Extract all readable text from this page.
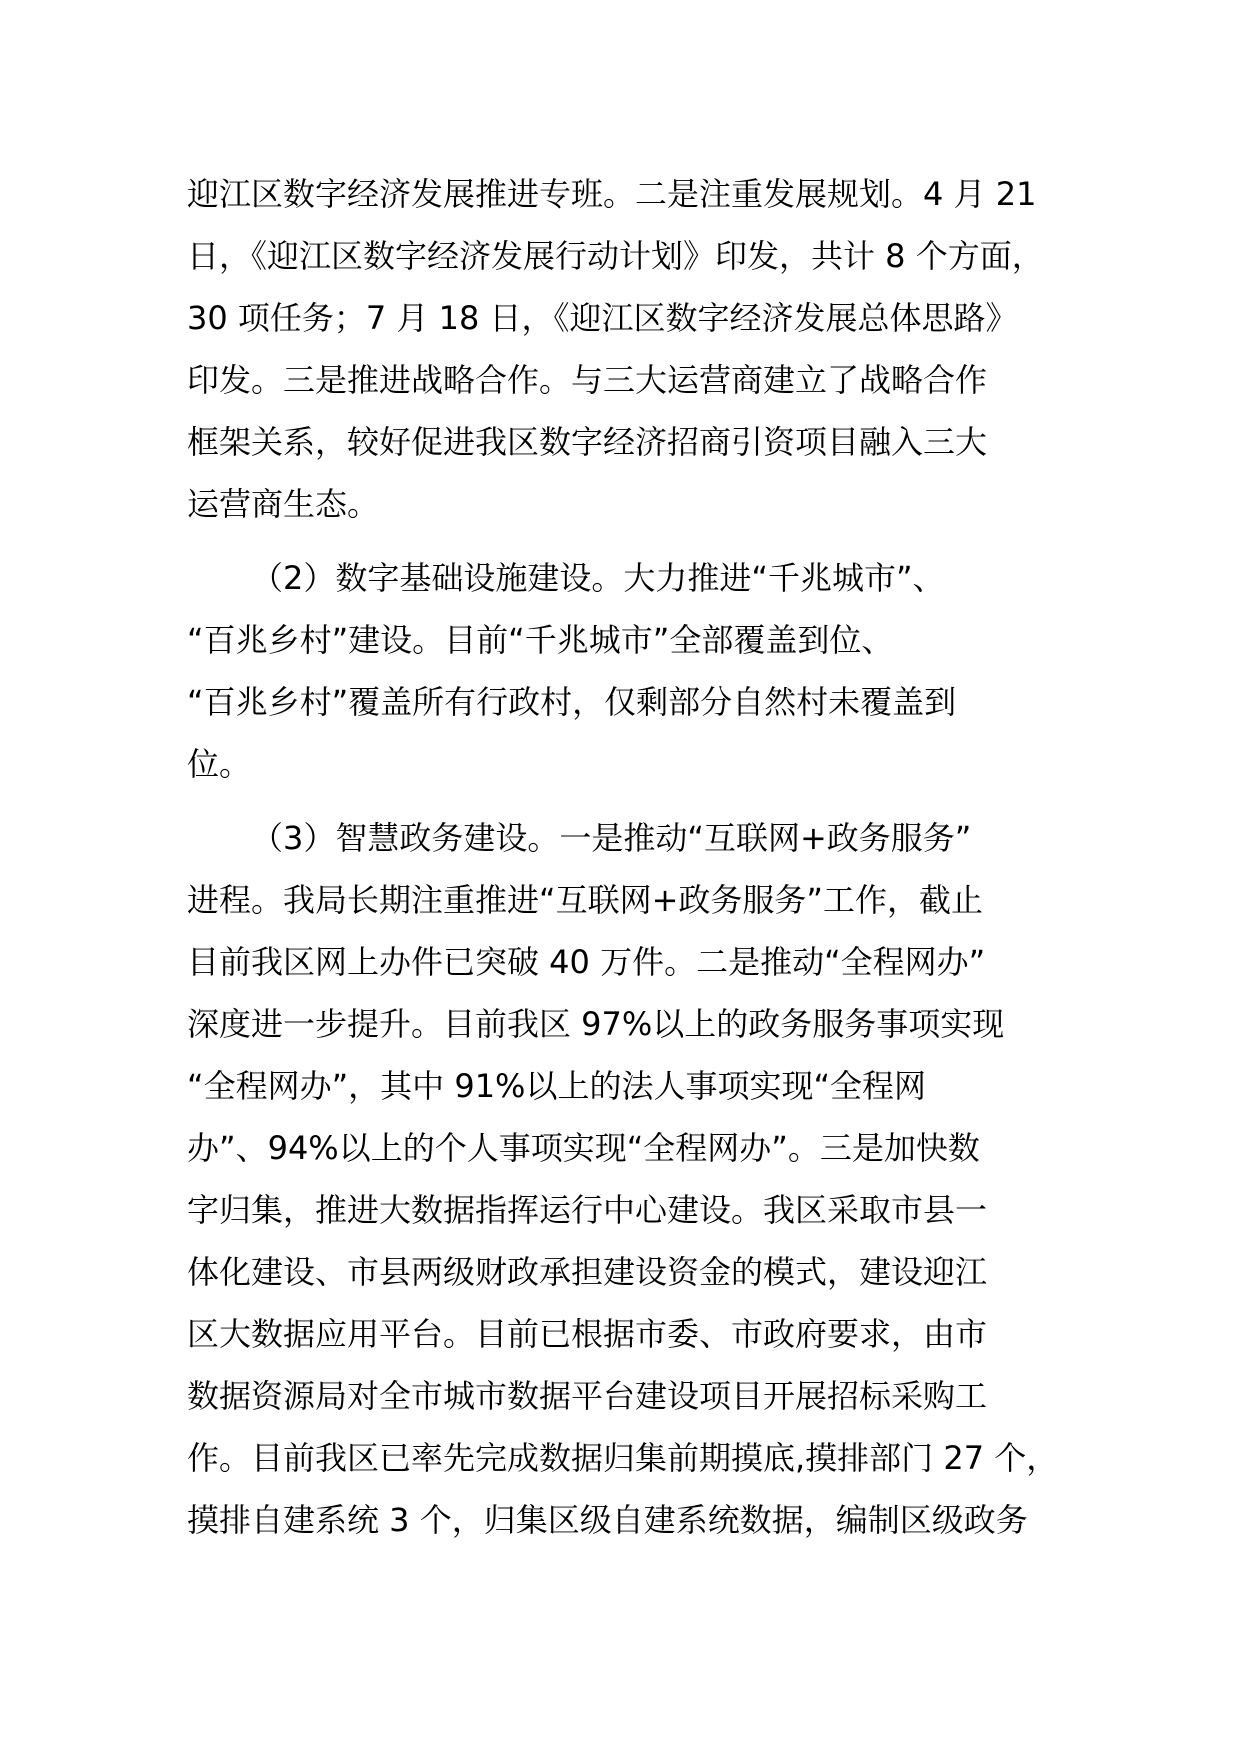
迎江区数字经济发展推进专班。二是注重发展规划。4 月 21
日，《迎江区数字经济发展行动计划》印发，共计 8 个方面，
30 项任务；7 月 18 日，《迎江区数字经济发展总体思路》
印发。三是推进战略合作。与三大运营商建立了战略合作
框架关系，较好促进我区数字经济招商引资项目融入三大
运营商生态。
（2）数字基础设施建设。大力推进“千兆城市”、
“百兆乡村”建设。目前“千兆城市”全部覆盖到位、
“百兆乡村”覆盖所有行政村，仅剩部分自然村未覆盖到
位。
（3）智慧政务建设。一是推动“互联网+政务服务”
进程。我局长期注重推进“互联网+政务服务”工作，截止
目前我区网上办件已突破 40 万件。二是推动“全程网办”
深度进一步提升。目前我区 97%以上的政务服务事项实现
“全程网办”，其中 91%以上的法人事项实现“全程网
办”、94%以上的个人事项实现“全程网办”。三是加快数
字归集，推进大数据指挥运行中心建设。我区采取市县一
体化建设、市县两级财政承担建设资金的模式，建设迎江
区大数据应用平台。目前已根据市委、市政府要求，由市
数据资源局对全市城市数据平台建设项目开展招标采购工
作。目前我区已率先完成数据归集前期摸底,摸排部门 27 个，
摸排自建系统 3 个，归集区级自建系统数据，编制区级政务
